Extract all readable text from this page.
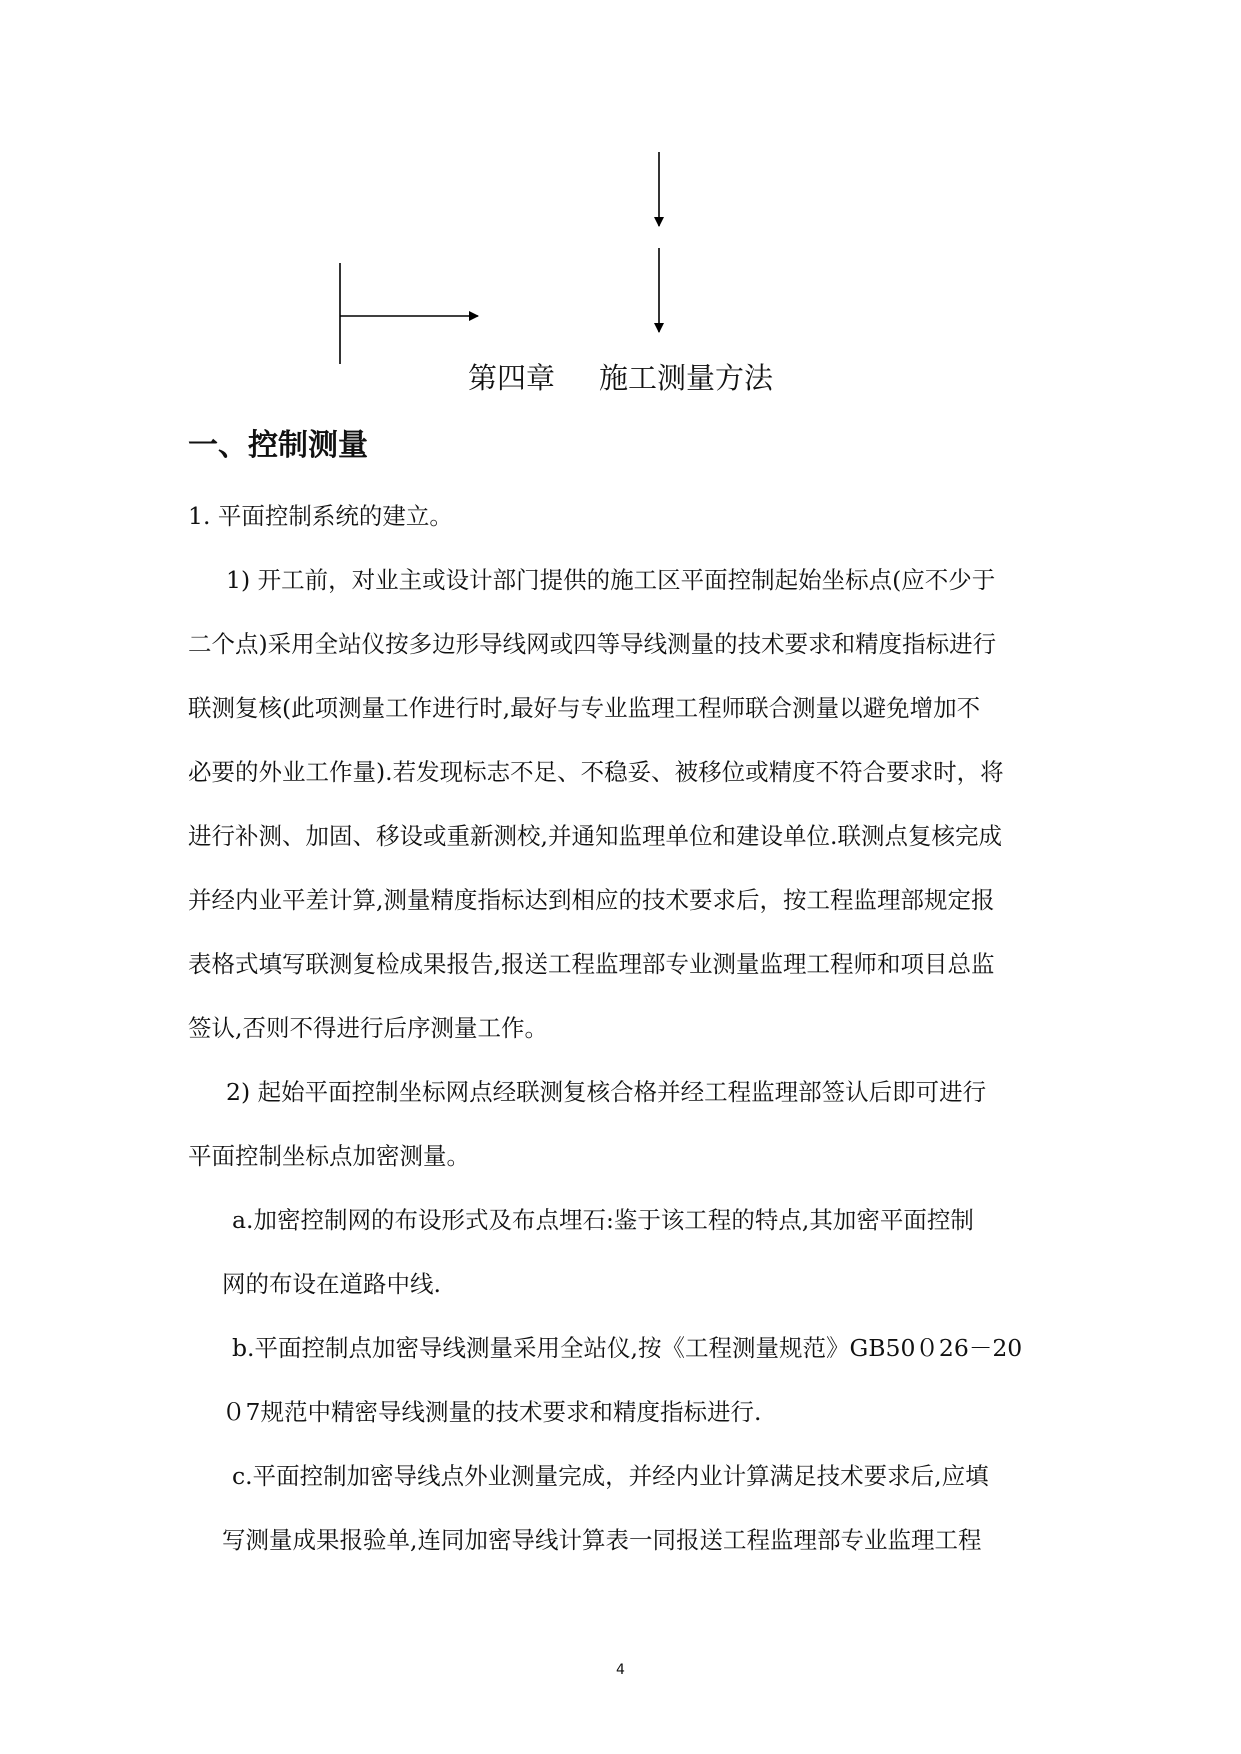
第四章 施工测量方法
一、控制测量
1. 平面控制系统的建立。
1) 开工前，对业主或设计部门提供的施工区平面控制起始坐标点(应不少于
二个点)采用全站仪按多边形导线网或四等导线测量的技术要求和精度指标进行
联测复核(此项测量工作进行时,最好与专业监理工程师联合测量以避免增加不
必要的外业工作量).若发现标志不足、不稳妥、被移位或精度不符合要求时，将
进行补测、加固、移设或重新测校,并通知监理单位和建设单位.联测点复核完成
并经内业平差计算,测量精度指标达到相应的技术要求后，按工程监理部规定报
表格式填写联测复检成果报告,报送工程监理部专业测量监理工程师和项目总监
签认,否则不得进行后序测量工作。
2) 起始平面控制坐标网点经联测复核合格并经工程监理部签认后即可进行
平面控制坐标点加密测量。
a.加密控制网的布设形式及布点埋石:鉴于该工程的特点,其加密平面控制
网的布设在道路中线.
b.平面控制点加密导线测量采用全站仪,按《工程测量规范》GB50０26－20
０7规范中精密导线测量的技术要求和精度指标进行.
c.平面控制加密导线点外业测量完成，并经内业计算满足技术要求后,应填
写测量成果报验单,连同加密导线计算表一同报送工程监理部专业监理工程
4
